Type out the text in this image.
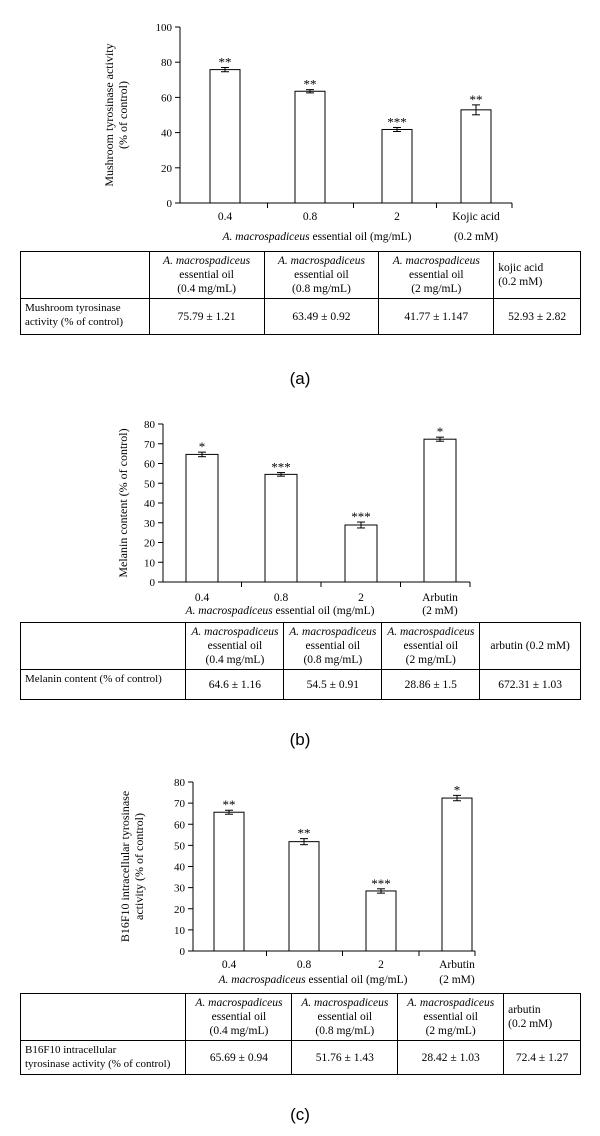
0
20
40
60
80
100
Mushroom tyrosinase activity (% of control)
**
0.4
**
0.8
***
2
**
Kojic acid
(0.2 mM)
A. macrospadiceus essential oil (mg/mL)
	A. macrospadiceus
essential oil
(0.4 mg/mL)	A. macrospadiceus
essential oil
(0.8 mg/mL)	A. macrospadiceus
essential oil
(2 mg/mL)	kojic acid
(0.2 mM)
Mushroom tyrosinase
activity (% of control)	75.79 ± 1.21	63.49 ± 0.92	41.77 ± 1.147	52.93 ± 2.82
(a)
0
10
20
30
40
50
60
70
80
Melanin content (% of control)	*
0.4
***
0.8
***
2
*
Arbutin
(2 mM)
A. macrospadiceus essential oil (mg/mL)
	A. macrospadiceus
essential oil
(0.4 mg/mL)	A. macrospadiceus
essential oil
(0.8 mg/mL)	A. macrospadiceus
essential oil
(2 mg/mL)	arbutin (0.2 mM)
Melanin content (% of control)	64.6 ± 1.16	54.5 ± 0.91	28.86 ± 1.5	672.31 ± 1.03
(b)
0
10
20
30
40
50
60
70
80
B16F10 intracellular tyrosinase activity (% of control)
**
0.4
**
0.8
***
2
*
Arbutin
(2 mM)
A. macrospadiceus essential oil (mg/mL)
	A. macrospadiceus
essential oil
(0.4 mg/mL)	A. macrospadiceus
essential oil
(0.8 mg/mL)	A. macrospadiceus
essential oil
(2 mg/mL)	arbutin
(0.2 mM)
B16F10 intracellular
tyrosinase activity (% of control)	65.69 ± 0.94	51.76 ± 1.43	28.42 ± 1.03	72.4 ± 1.27
(c)
